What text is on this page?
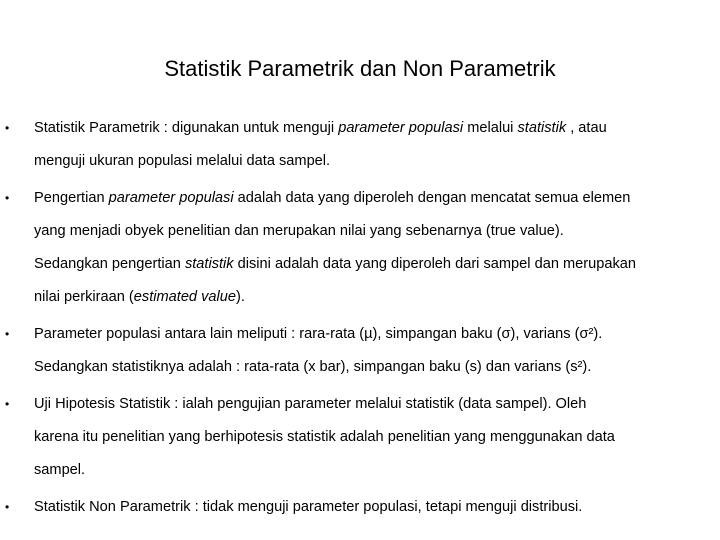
Statistik Parametrik dan Non Parametrik
• Statistik Parametrik : digunakan untuk menguji parameter populasi melalui statistik , atau
menguji ukuran populasi melalui data sampel.
• Pengertian parameter populasi adalah data yang diperoleh dengan mencatat semua elemen
yang menjadi obyek penelitian dan merupakan nilai yang sebenarnya (true value).
Sedangkan pengertian statistik disini adalah data yang diperoleh dari sampel dan merupakan
nilai perkiraan (estimated value).
• Parameter populasi antara lain meliputi : rara-rata (µ), simpangan baku (σ), varians (σ²).
Sedangkan statistiknya adalah : rata-rata (x bar), simpangan baku (s) dan varians (s²).
• Uji Hipotesis Statistik : ialah pengujian parameter melalui statistik (data sampel). Oleh
karena itu penelitian yang berhipotesis statistik adalah penelitian yang menggunakan data
sampel.
• Statistik Non Parametrik : tidak menguji parameter populasi, tetapi menguji distribusi.
